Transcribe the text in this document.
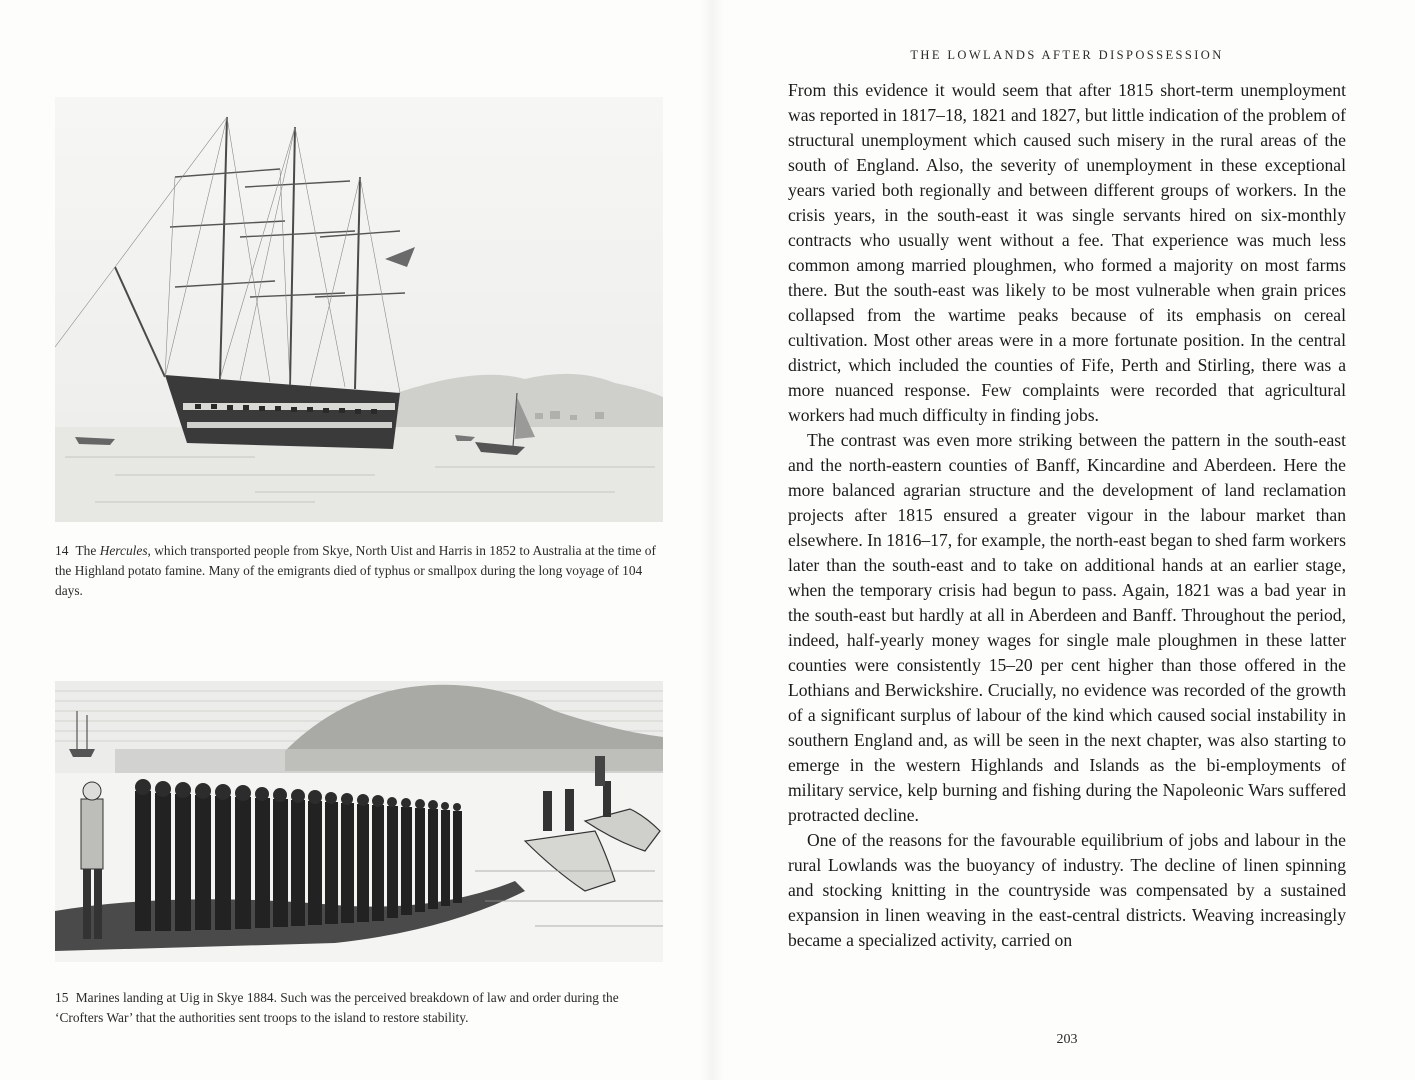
14 The Hercules, which transported people from Skye, North Uist and Harris in 1852 to Australia at the time of the Highland potato famine. Many of the emigrants died of typhus or smallpox during the long voyage of 104 days.

15 Marines landing at Uig in Skye 1884. Such was the perceived breakdown of law and order during the ‘Crofters War’ that the authorities sent troops to the island to restore stability.

THE LOWLANDS AFTER DISPOSSESSION

From this evidence it would seem that after 1815 short-term unemployment was reported in 1817–18, 1821 and 1827, but little indication of the problem of structural unemployment which caused such misery in the rural areas of the south of England. Also, the severity of unemployment in these exceptional years varied both regionally and between different groups of workers. In the crisis years, in the south-east it was single servants hired on six-monthly contracts who usually went without a fee. That experience was much less common among married ploughmen, who formed a majority on most farms there. But the south-east was likely to be most vulnerable when grain prices collapsed from the wartime peaks because of its emphasis on cereal cultivation. Most other areas were in a more fortunate position. In the central district, which included the counties of Fife, Perth and Stirling, there was a more nuanced response. Few complaints were recorded that agricultural workers had much difficulty in finding jobs.

The contrast was even more striking between the pattern in the south-east and the north-eastern counties of Banff, Kincardine and Aberdeen. Here the more balanced agrarian structure and the development of land reclamation projects after 1815 ensured a greater vigour in the labour market than elsewhere. In 1816–17, for example, the north-east began to shed farm workers later than the south-east and to take on additional hands at an earlier stage, when the temporary crisis had begun to pass. Again, 1821 was a bad year in the south-east but hardly at all in Aberdeen and Banff. Throughout the period, indeed, half-yearly money wages for single male ploughmen in these latter counties were consistently 15–20 per cent higher than those offered in the Lothians and Berwickshire. Crucially, no evidence was recorded of the growth of a significant surplus of labour of the kind which caused social instability in southern England and, as will be seen in the next chapter, was also starting to emerge in the western Highlands and Islands as the bi-employments of military service, kelp burning and fishing during the Napoleonic Wars suffered protracted decline.

One of the reasons for the favourable equilibrium of jobs and labour in the rural Lowlands was the buoyancy of industry. The decline of linen spinning and stocking knitting in the countryside was compensated by a sustained expansion in linen weaving in the east-central districts. Weaving increasingly became a specialized activity, carried on

203
